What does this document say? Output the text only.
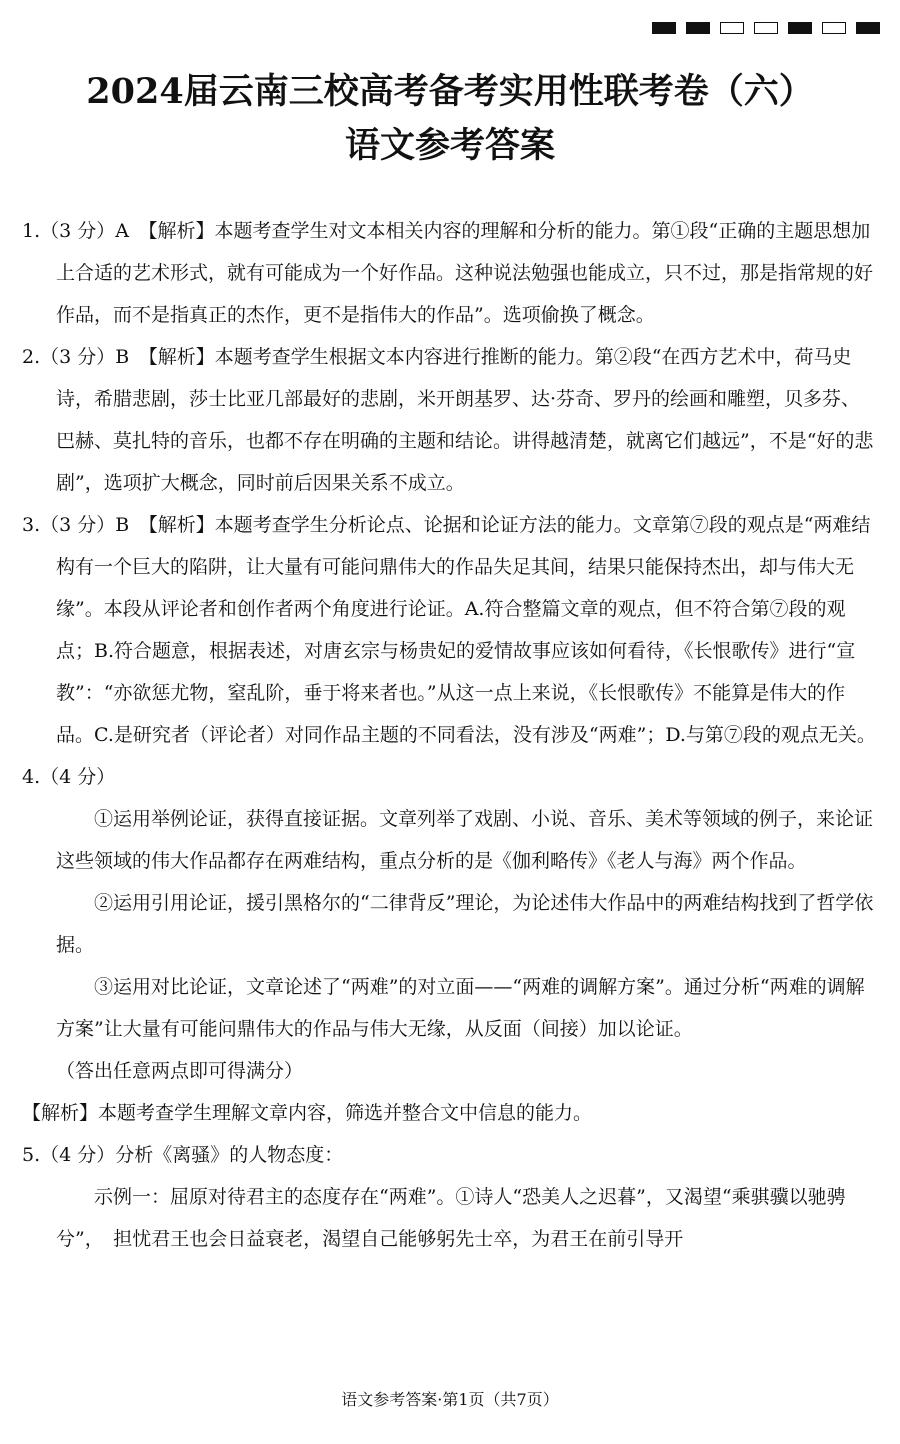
2024届云南三校高考备考实用性联考卷（六）
语文参考答案

1.（3 分）A　【解析】本题考查学生对文本相关内容的理解和分析的能力。第①段“正确的主题思想加上合适的艺术形式，就有可能成为一个好作品。这种说法勉强也能成立，只不过，那是指常规的好作品，而不是指真正的杰作，更不是指伟大的作品”。选项偷换了概念。

2.（3 分）B　【解析】本题考查学生根据文本内容进行推断的能力。第②段“在西方艺术中，荷马史诗，希腊悲剧，莎士比亚几部最好的悲剧，米开朗基罗、达·芬奇、罗丹的绘画和雕塑，贝多芬、巴赫、莫扎特的音乐，也都不存在明确的主题和结论。讲得越清楚，就离它们越远”，不是“好的悲剧”，选项扩大概念，同时前后因果关系不成立。

3.（3 分）B　【解析】本题考查学生分析论点、论据和论证方法的能力。文章第⑦段的观点是“两难结构有一个巨大的陷阱，让大量有可能问鼎伟大的作品失足其间，结果只能保持杰出，却与伟大无缘”。本段从评论者和创作者两个角度进行论证。A.符合整篇文章的观点，但不符合第⑦段的观点；B.符合题意，根据表述，对唐玄宗与杨贵妃的爱情故事应该如何看待，《长恨歌传》进行“宣教”：“亦欲惩尤物，窒乱阶，垂于将来者也。”从这一点上来说，《长恨歌传》不能算是伟大的作品。C.是研究者（评论者）对同作品主题的不同看法，没有涉及“两难”；D.与第⑦段的观点无关。

4.（4 分）

①运用举例论证，获得直接证据。文章列举了戏剧、小说、音乐、美术等领域的例子，来论证这些领域的伟大作品都存在两难结构，重点分析的是《伽利略传》《老人与海》两个作品。

②运用引用论证，援引黑格尔的“二律背反”理论，为论述伟大作品中的两难结构找到了哲学依据。

③运用对比论证，文章论述了“两难”的对立面——“两难的调解方案”。通过分析“两难的调解方案”让大量有可能问鼎伟大的作品与伟大无缘，从反面（间接）加以论证。

（答出任意两点即可得满分）

【解析】本题考查学生理解文章内容，筛选并整合文中信息的能力。

5.（4 分）分析《离骚》的人物态度：

示例一：屈原对待君主的态度存在“两难”。①诗人“恐美人之迟暮”，又渴望“乘骐骥以驰骋兮”，　担忧君王也会日益衰老，渴望自己能够躬先士卒，为君王在前引导开

语文参考答案·第1页（共7页）
